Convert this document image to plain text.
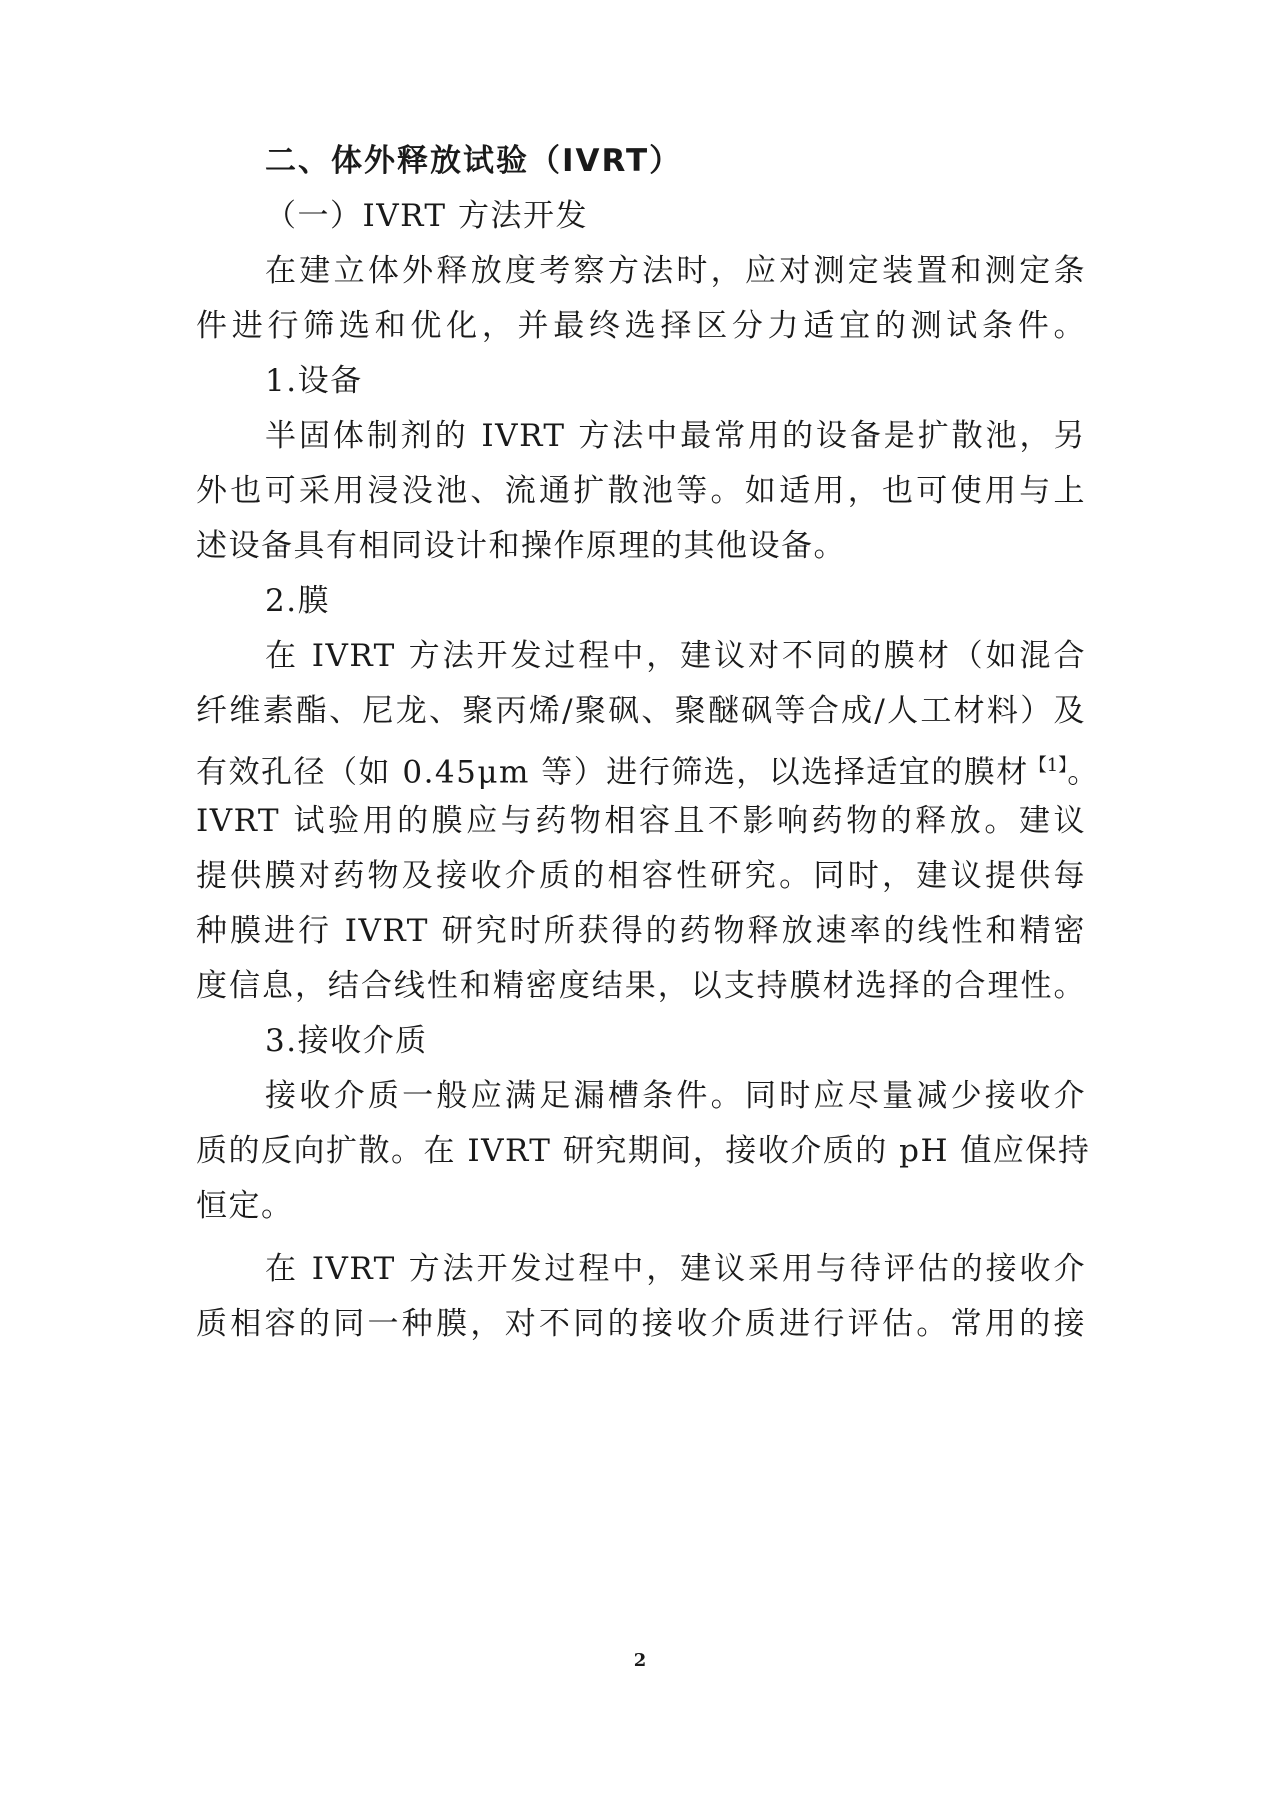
二、体外释放试验（IVRT）
（一）IVRT 方法开发
在建立体外释放度考察方法时，应对测定装置和测定条
件进行筛选和优化，并最终选择区分力适宜的测试条件。
1.设备
半固体制剂的 IVRT 方法中最常用的设备是扩散池，另
外也可采用浸没池、流通扩散池等。如适用，也可使用与上
述设备具有相同设计和操作原理的其他设备。
2.膜
在 IVRT 方法开发过程中，建议对不同的膜材（如混合
纤维素酯、尼龙、聚丙烯/聚砜、聚醚砜等合成/人工材料）及
有效孔径（如 0.45μm 等）进行筛选，以选择适宜的膜材$^{【1】}$。
IVRT 试验用的膜应与药物相容且不影响药物的释放。建议
提供膜对药物及接收介质的相容性研究。同时，建议提供每
种膜进行 IVRT 研究时所获得的药物释放速率的线性和精密
度信息，结合线性和精密度结果，以支持膜材选择的合理性。
3.接收介质
接收介质一般应满足漏槽条件。同时应尽量减少接收介
质的反向扩散。在 IVRT 研究期间，接收介质的 pH 值应保持
恒定。
在 IVRT 方法开发过程中，建议采用与待评估的接收介
质相容的同一种膜，对不同的接收介质进行评估。常用的接
2
